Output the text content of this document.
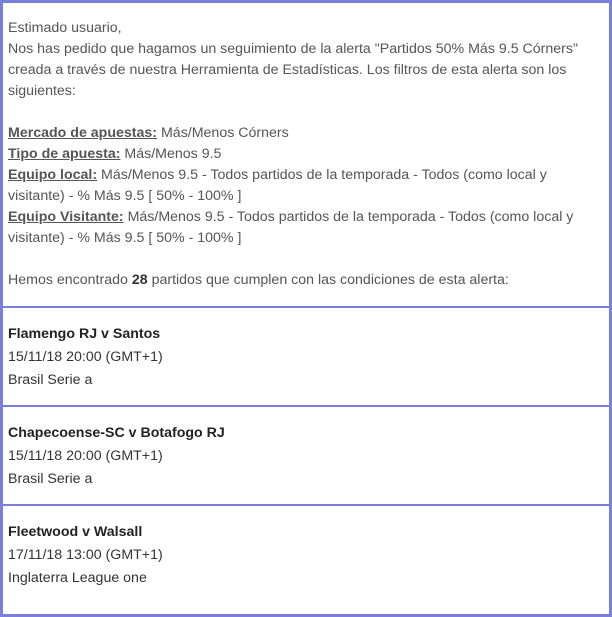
Estimado usuario,

Nos has pedido que hagamos un seguimiento de la alerta "Partidos 50% Más 9.5 Córners" creada a través de nuestra Herramienta de Estadísticas. Los filtros de esta alerta son los siguientes:

Mercado de apuestas: Más/Menos Córners

Tipo de apuesta: Más/Menos 9.5

Equipo local: Más/Menos 9.5 - Todos partidos de la temporada - Todos (como local y visitante) - % Más 9.5 [ 50% - 100% ]

Equipo Visitante: Más/Menos 9.5 - Todos partidos de la temporada - Todos (como local y visitante) - % Más 9.5 [ 50% - 100% ]

Hemos encontrado 28 partidos que cumplen con las condiciones de esta alerta:

Flamengo RJ v Santos
15/11/18 20:00 (GMT+1)
Brasil Serie a
Chapecoense-SC v Botafogo RJ
15/11/18 20:00 (GMT+1)
Brasil Serie a
Fleetwood v Walsall
17/11/18 13:00 (GMT+1)
Inglaterra League one
